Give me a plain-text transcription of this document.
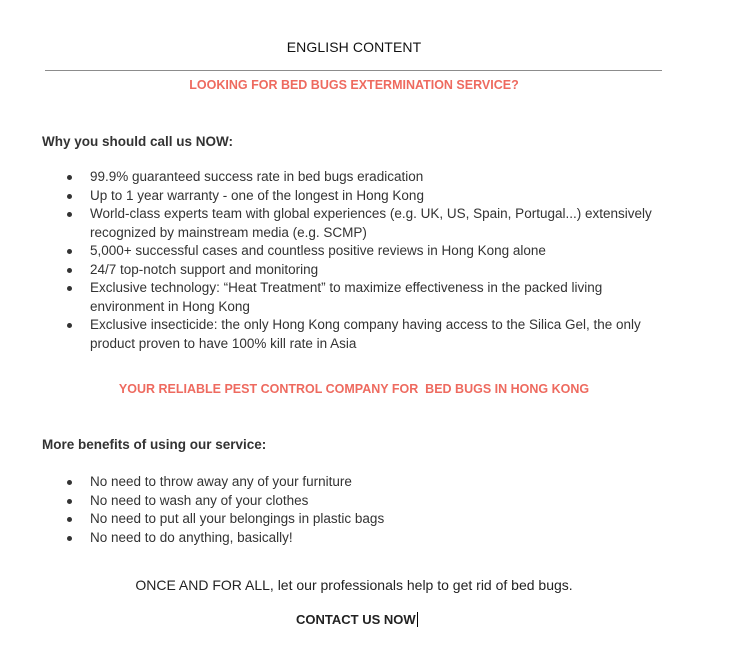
ENGLISH CONTENT
LOOKING FOR BED BUGS EXTERMINATION SERVICE?
Why you should call us NOW:
99.9% guaranteed success rate in bed bugs eradication
Up to 1 year warranty - one of the longest in Hong Kong
World-class experts team with global experiences (e.g. UK, US, Spain, Portugal...) extensively recognized by mainstream media (e.g. SCMP)
5,000+ successful cases and countless positive reviews in Hong Kong alone
24/7 top-notch support and monitoring
Exclusive technology: “Heat Treatment” to maximize effectiveness in the packed living environment in Hong Kong
Exclusive insecticide: the only Hong Kong company having access to the Silica Gel, the only product proven to have 100% kill rate in Asia
YOUR RELIABLE PEST CONTROL COMPANY FOR  BED BUGS IN HONG KONG
More benefits of using our service:
No need to throw away any of your furniture
No need to wash any of your clothes
No need to put all your belongings in plastic bags
No need to do anything, basically!
ONCE AND FOR ALL, let our professionals help to get rid of bed bugs.
CONTACT US NOW
